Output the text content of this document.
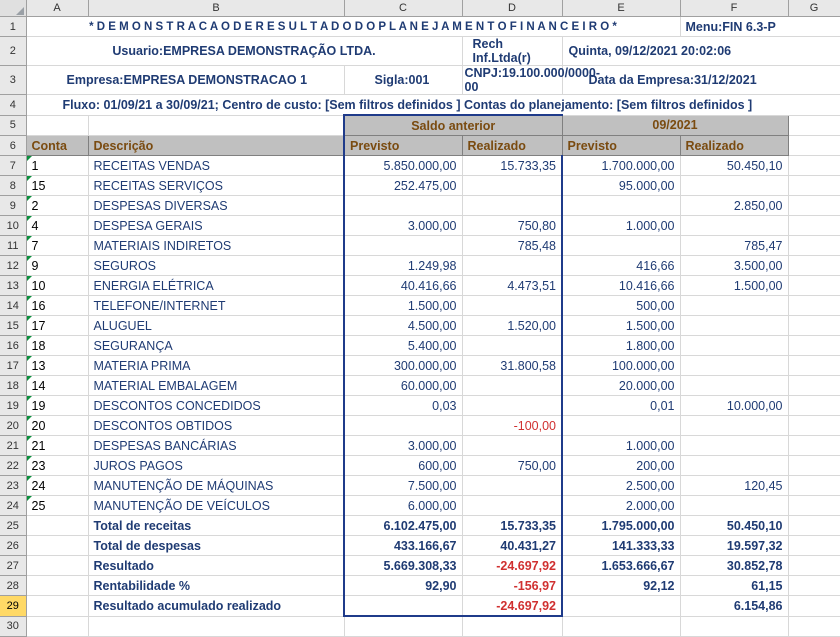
	A	B	C	D	E	F	G
1	* D E M O N S T R A C A O D E R E S U L T A D O D O P L A N E J A M E N T O F I N A N C E I R O *					Menu:FIN 6.3-P	
2	Usuario:EMPRESA DEMONSTRAÇÃO LTDA.			Rech Inf.Ltda(r)	Quinta, 09/12/2021 20:02:06		
3	Empresa:EMPRESA DEMONSTRACAO 1		Sigla:001	CNPJ:19.100.000/0000-00	Data da Empresa:31/12/2021		
4	Fluxo: 01/09/21 a 30/09/21; Centro de custo: [Sem filtros definidos ] Contas do planejamento: [Sem filtros definidos ]						
5			Saldo anterior		09/2021		
6	Conta	Descrição	Previsto	Realizado	Previsto	Realizado	
7	1	RECEITAS VENDAS	5.850.000,00	15.733,35	1.700.000,00	50.450,10	
8	15	RECEITAS SERVIÇOS	252.475,00		95.000,00		
9	2	DESPESAS DIVERSAS				2.850,00	
10	4	DESPESA GERAIS	3.000,00	750,80	1.000,00		
11	7	MATERIAIS INDIRETOS		785,48		785,47	
12	9	SEGUROS	1.249,98		416,66	3.500,00	
13	10	ENERGIA ELÉTRICA	40.416,66	4.473,51	10.416,66	1.500,00	
14	16	TELEFONE/INTERNET	1.500,00		500,00		
15	17	ALUGUEL	4.500,00	1.520,00	1.500,00		
16	18	SEGURANÇA	5.400,00		1.800,00		
17	13	MATERIA PRIMA	300.000,00	31.800,58	100.000,00		
18	14	MATERIAL EMBALAGEM	60.000,00		20.000,00		
19	19	DESCONTOS CONCEDIDOS	0,03		0,01	10.000,00	
20	20	DESCONTOS OBTIDOS		-100,00			
21	21	DESPESAS BANCÁRIAS	3.000,00		1.000,00		
22	23	JUROS PAGOS	600,00	750,00	200,00		
23	24	MANUTENÇÃO DE MÁQUINAS	7.500,00		2.500,00	120,45	
24	25	MANUTENÇÃO DE VEÍCULOS	6.000,00		2.000,00		
25		Total de receitas	6.102.475,00	15.733,35	1.795.000,00	50.450,10	
26		Total de despesas	433.166,67	40.431,27	141.333,33	19.597,32	
27		Resultado	5.669.308,33	-24.697,92	1.653.666,67	30.852,78	
28		Rentabilidade %	92,90	-156,97	92,12	61,15	
29		Resultado acumulado realizado		-24.697,92		6.154,86	
30							
